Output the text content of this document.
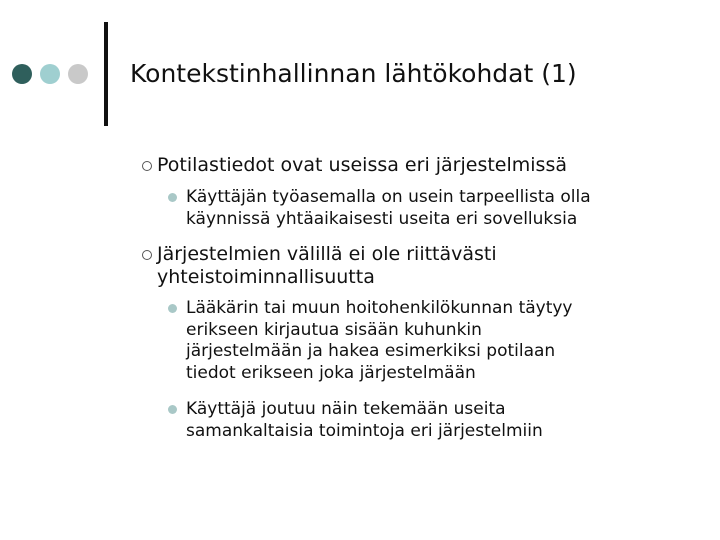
Kontekstinhallinnan lähtökohdat (1)
Potilastiedot ovat useissa eri järjestelmissä
Käyttäjän työasemalla on usein tarpeellista olla
käynnissä yhtäaikaisesti useita eri sovelluksia
Järjestelmien välillä ei ole riittävästi
yhteistoiminnallisuutta
Lääkärin tai muun hoitohenkilökunnan täytyy
erikseen kirjautua sisään kuhunkin
järjestelmään ja hakea esimerkiksi potilaan
tiedot erikseen joka järjestelmään
Käyttäjä joutuu näin tekemään useita
samankaltaisia toimintoja eri järjestelmiin
